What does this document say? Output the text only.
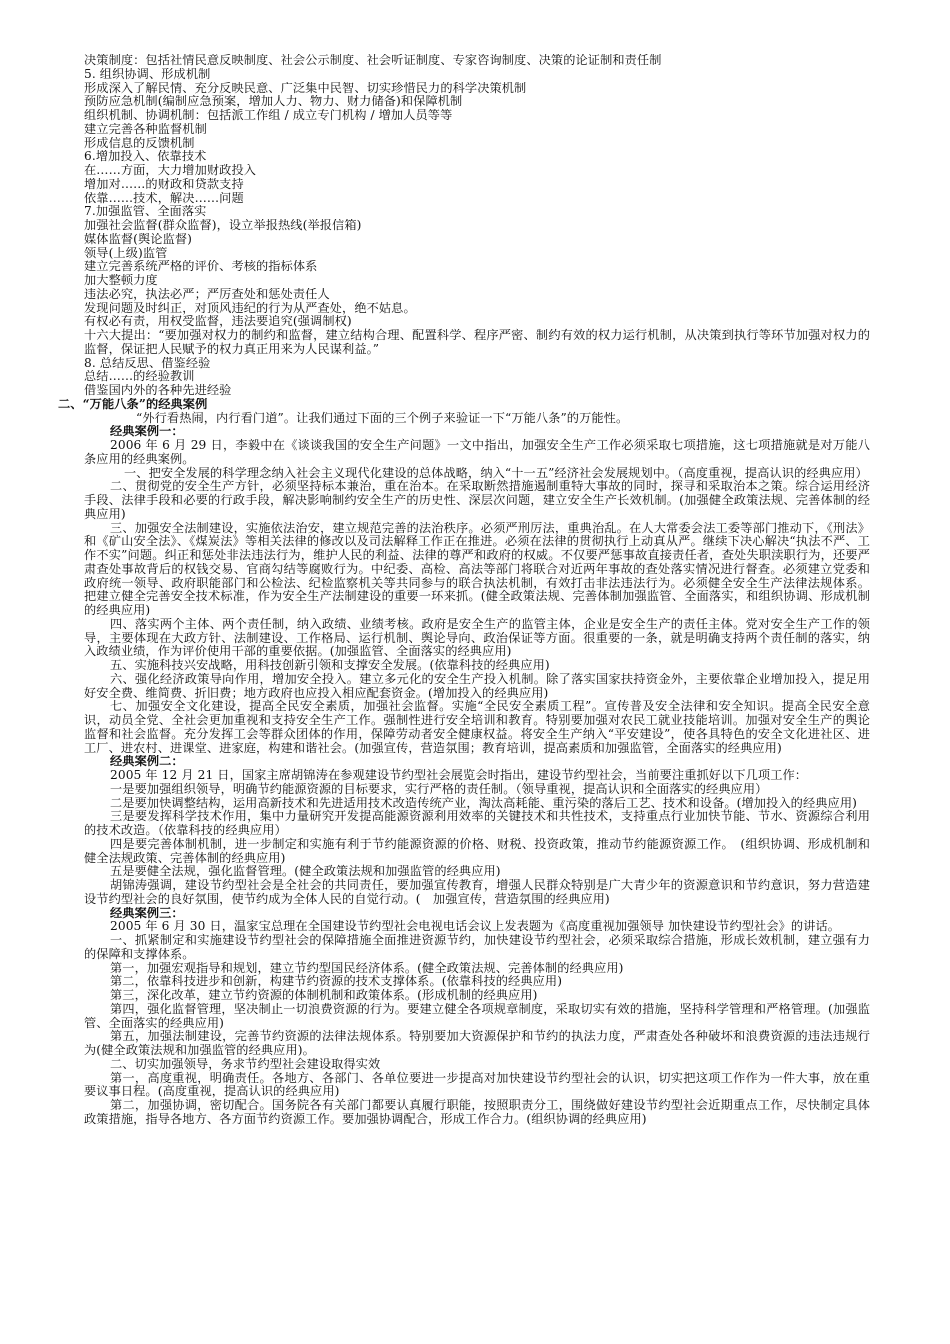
决策制度：包括社情民意反映制度、社会公示制度、社会听证制度、专家咨询制度、决策的论证制和责任制
5. 组织协调、形成机制
形成深入了解民情、充分反映民意、广泛集中民智、切实珍惜民力的科学决策机制
预防应急机制(编制应急预案，增加人力、物力、财力储备)和保障机制
组织机制、协调机制：包括派工作组 / 成立专门机构 / 增加人员等等
建立完善各种监督机制
形成信息的反馈机制
6.增加投入、依靠技术
在……方面，大力增加财政投入
增加对……的财政和贷款支持
依靠……技术，解决……问题
7.加强监管、全面落实
加强社会监督(群众监督)，设立举报热线(举报信箱)
媒体监督(舆论监督)
领导(上级)监管
建立完善系统严格的评价、考核的指标体系
加大整顿力度
违法必究，执法必严；严厉查处和惩处责任人
发现问题及时纠正，对顶风违纪的行为从严查处，绝不姑息。
有权必有责，用权受监督，违法要追究(强调制权)

十六大提出：“要加强对权力的制约和监督，建立结构合理、配置科学、程序严密、制约有效的权力运行机制，从决策到执行等环节加强对权力的监督，保证把人民赋予的权力真正用来为人民谋利益。”

8. 总结反思、借鉴经验
总结……的经验教训
借鉴国内外的各种先进经验
二、“万能八条”的经典案例

“外行看热闹，内行看门道”。让我们通过下面的三个例子来验证一下“万能八条”的万能性。

经典案例一：

2006 年 6 月 29 日，李毅中在《谈谈我国的安全生产问题》一文中指出，加强安全生产工作必须采取七项措施，这七项措施就是对万能八条应用的经典案例。

一、把安全发展的科学理念纳入社会主义现代化建设的总体战略，纳入“十一五”经济社会发展规划中。（高度重视，提高认识的经典应用）

二、贯彻党的安全生产方针，必须坚持标本兼治，重在治本。在采取断然措施遏制重特大事故的同时，探寻和采取治本之策。综合运用经济手段、法律手段和必要的行政手段，解决影响制约安全生产的历史性、深层次问题，建立安全生产长效机制。(加强健全政策法规、完善体制的经典应用)

三、加强安全法制建设，实施依法治安，建立规范完善的法治秩序。必须严刑厉法，重典治乱。在人大常委会法工委等部门推动下，《刑法》和《矿山安全法》、《煤炭法》等相关法律的修改以及司法解释工作正在推进。必须在法律的贯彻执行上动真从严。继续下决心解决“执法不严、工作不实”问题。纠正和惩处非法违法行为，维护人民的利益、法律的尊严和政府的权威。不仅要严惩事故直接责任者，查处失职渎职行为，还要严肃查处事故背后的权钱交易、官商勾结等腐败行为。中纪委、高检、高法等部门将联合对近两年事故的查处落实情况进行督查。必须建立党委和政府统一领导、政府职能部门和公检法、纪检监察机关等共同参与的联合执法机制，有效打击非法违法行为。必须健全安全生产法律法规体系。把建立健全完善安全技术标准，作为安全生产法制建设的重要一环来抓。(健全政策法规、完善体制加强监管、全面落实，和组织协调、形成机制的经典应用)

四、落实两个主体、两个责任制，纳入政绩、业绩考核。政府是安全生产的监管主体，企业是安全生产的责任主体。党对安全生产工作的领导，主要体现在大政方针、法制建设、工作格局、运行机制、舆论导向、政治保证等方面。很重要的一条，就是明确支持两个责任制的落实，纳入政绩业绩，作为评价使用干部的重要依据。(加强监管、全面落实的经典应用)

五、实施科技兴安战略，用科技创新引领和支撑安全发展。(依靠科技的经典应用)

六、强化经济政策导向作用，增加安全投入。建立多元化的安全生产投入机制。除了落实国家扶持资金外，主要依靠企业增加投入，提足用好安全费、维简费、折旧费；地方政府也应投入相应配套资金。(增加投入的经典应用)

七、加强安全文化建设，提高全民安全素质，加强社会监督。实施“全民安全素质工程”。宣传普及安全法律和安全知识。提高全民安全意识，动员全党、全社会更加重视和支持安全生产工作。强制性进行安全培训和教育。特别要加强对农民工就业技能培训。加强对安全生产的舆论监督和社会监督。充分发挥工会等群众团体的作用，保障劳动者安全健康权益。将安全生产纳入“平安建设”，使各具特色的安全文化进社区、进工厂、进农村、进课堂、进家庭，构建和谐社会。(加强宣传，营造氛围；教育培训，提高素质和加强监管，全面落实的经典应用)

经典案例二：

2005 年 12 月 21 日，国家主席胡锦涛在参观建设节约型社会展览会时指出，建设节约型社会，当前要注重抓好以下几项工作：

一是要加强组织领导，明确节约能源资源的目标要求，实行严格的责任制。（领导重视，提高认识和全面落实的经典应用）

二是要加快调整结构，运用高新技术和先进适用技术改造传统产业，淘汰高耗能、重污染的落后工艺、技术和设备。(增加投入的经典应用)

三是要发挥科学技术作用，集中力量研究开发提高能源资源利用效率的关键技术和共性技术，支持重点行业加快节能、节水、资源综合利用的技术改造。（依靠科技的经典应用）

四是要完善体制机制，进一步制定和实施有利于节约能源资源的价格、财税、投资政策，推动节约能源资源工作。　(组织协调、形成机制和健全法规政策、完善体制的经典应用)

五是要健全法规，强化监督管理。(健全政策法规和加强监管的经典应用)

胡锦涛强调，建设节约型社会是全社会的共同责任，要加强宣传教育，增强人民群众特别是广大青少年的资源意识和节约意识，努力营造建设节约型社会的良好氛围，使节约成为全体人民的自觉行动。(　加强宣传，营造氛围的经典应用)

经典案例三：

2005 年 6 月 30 日，温家宝总理在全国建设节约型社会电视电话会议上发表题为《高度重视加强领导 加快建设节约型社会》的讲话。

一、抓紧制定和实施建设节约型社会的保障措施全面推进资源节约，加快建设节约型社会，必须采取综合措施，形成长效机制，建立强有力的保障和支撑体系。

第一，加强宏观指导和规划，建立节约型国民经济体系。(健全政策法规、完善体制的经典应用)

第二，依靠科技进步和创新，构建节约资源的技术支撑体系。(依靠科技的经典应用)

第三，深化改革，建立节约资源的体制机制和政策体系。(形成机制的经典应用)

第四，强化监督管理，坚决制止一切浪费资源的行为。要建立健全各项规章制度，采取切实有效的措施，坚持科学管理和严格管理。(加强监管、全面落实的经典应用)

第五，加强法制建设，完善节约资源的法律法规体系。特别要加大资源保护和节约的执法力度，严肃查处各种破坏和浪费资源的违法违规行为(健全政策法规和加强监管的经典应用)。

二、切实加强领导，务求节约型社会建设取得实效

第一，高度重视，明确责任。各地方、各部门、各单位要进一步提高对加快建设节约型社会的认识，切实把这项工作作为一件大事，放在重要议事日程。(高度重视，提高认识的经典应用)

第二，加强协调，密切配合。国务院各有关部门都要认真履行职能，按照职责分工，围绕做好建设节约型社会近期重点工作，尽快制定具体政策措施，指导各地方、各方面节约资源工作。要加强协调配合，形成工作合力。(组织协调的经典应用)
